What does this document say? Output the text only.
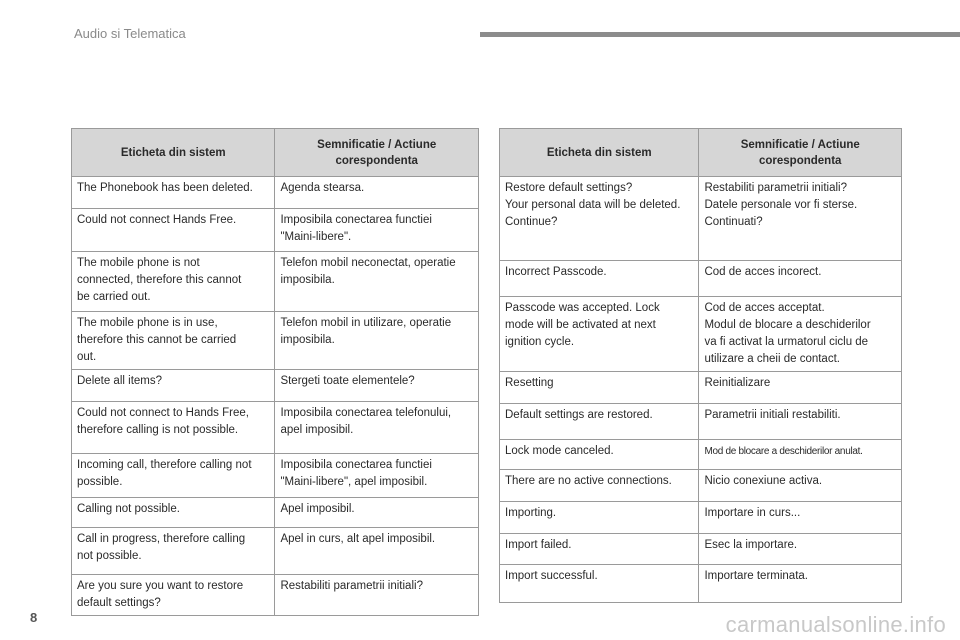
Audio si Telematica
Eticheta din sistem	Semnificatie / Actiune corespondenta
The Phonebook has been deleted.	Agenda stearsa.
Could not connect Hands Free.	Imposibila conectarea functiei
"Maini-libere".
The mobile phone is not
connected, therefore this cannot
be carried out.	Telefon mobil neconectat, operatie
imposibila.
The mobile phone is in use,
therefore this cannot be carried
out.	Telefon mobil in utilizare, operatie
imposibila.
Delete all items?	Stergeti toate elementele?
Could not connect to Hands Free,
therefore calling is not possible.	Imposibila conectarea telefonului,
apel imposibil.
Incoming call, therefore calling not
possible.	Imposibila conectarea functiei
"Maini-libere", apel imposibil.
Calling not possible.	Apel imposibil.
Call in progress, therefore calling
not possible.	Apel in curs, alt apel imposibil.
Are you sure you want to restore
default settings?	Restabiliti parametrii initiali?
Eticheta din sistem	Semnificatie / Actiune corespondenta
Restore default settings?
Your personal data will be deleted.
Continue?	Restabiliti parametrii initiali?
Datele personale vor fi sterse.
Continuati?
Incorrect Passcode.	Cod de acces incorect.
Passcode was accepted. Lock
mode will be activated at next
ignition cycle.	Cod de acces acceptat.
Modul de blocare a deschiderilor
va fi activat la urmatorul ciclu de
utilizare a cheii de contact.
Resetting	Reinitializare
Default settings are restored.	Parametrii initiali restabiliti.
Lock mode canceled.	Mod de blocare a deschiderilor anulat.
There are no active connections.	Nicio conexiune activa.
Importing.	Importare in curs...
Import failed.	Esec la importare.
Import successful.	Importare terminata.
8	carmanualsonline.info
